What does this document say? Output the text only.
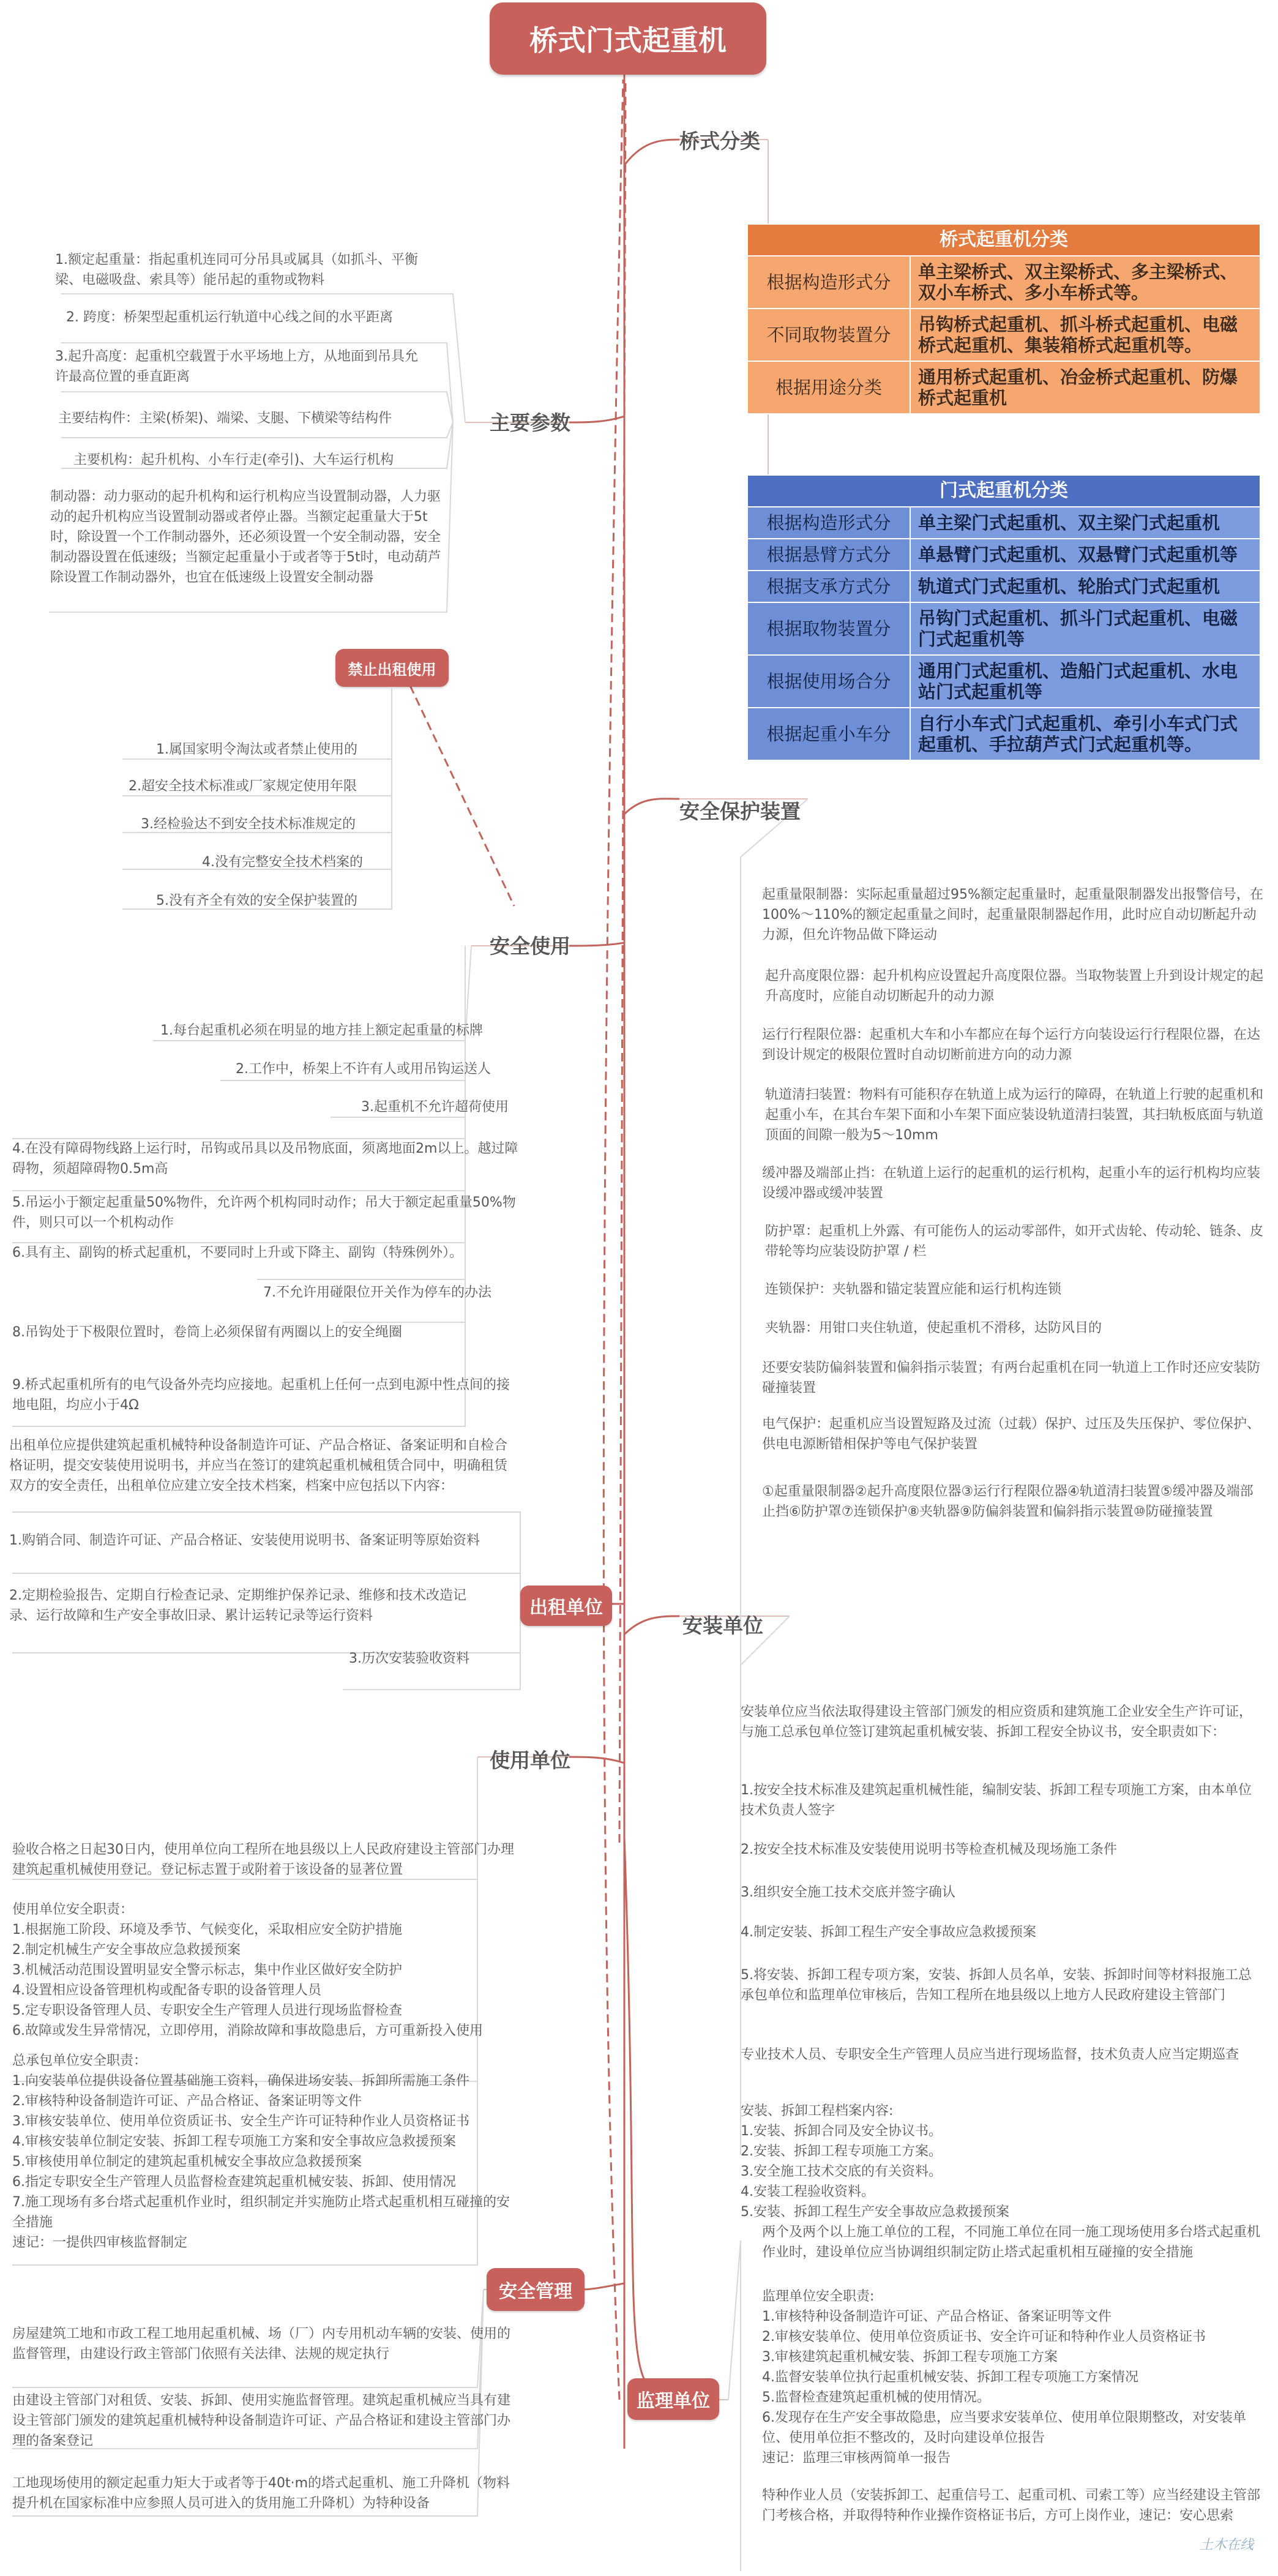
桥式门式起重机
桥式分类
主要参数
禁止出租使用
安全使用
安全保护装置
出租单位
安装单位
使用单位
安全管理
监理单位
桥式起重机分类	
根据构造形式分	单主梁桥式、双主梁桥式、多主梁桥式、双小车桥式、多小车桥式等。
不同取物装置分	吊钩桥式起重机、抓斗桥式起重机、电磁桥式起重机、集装箱桥式起重机等。
根据用途分类	通用桥式起重机、冶金桥式起重机、防爆桥式起重机
门式起重机分类	
根据构造形式分	单主梁门式起重机、双主梁门式起重机
根据悬臂方式分	单悬臂门式起重机、双悬臂门式起重机等
根据支承方式分	轨道式门式起重机、轮胎式门式起重机
根据取物装置分	吊钩门式起重机、抓斗门式起重机、电磁门式起重机等
根据使用场合分	通用门式起重机、造船门式起重机、水电站门式起重机等
根据起重小车分	自行小车式门式起重机、牵引小车式门式起重机、手拉葫芦式门式起重机等。
1.额定起重量：指起重机连同可分吊具或属具（如抓斗、平衡梁、电磁吸盘、索具等）能吊起的重物或物料
2. 跨度：桥架型起重机运行轨道中心线之间的水平距离
3.起升高度：起重机空载置于水平场地上方，从地面到吊具允许最高位置的垂直距离
主要结构件：主梁(桥架)、端梁、支腿、下横梁等结构件
主要机构：起升机构、小车行走(牵引)、大车运行机构
制动器：动力驱动的起升机构和运行机构应当设置制动器，人力驱动的起升机构应当设置制动器或者停止器。当额定起重量大于5t时，除设置一个工作制动器外，还必须设置一个安全制动器，安全制动器设置在低速级；当额定起重量小于或者等于5t时，电动葫芦除设置工作制动器外，也宜在低速级上设置安全制动器
1.属国家明令淘汰或者禁止使用的
2.超安全技术标准或厂家规定使用年限
3.经检验达不到安全技术标准规定的
4.没有完整安全技术档案的
5.没有齐全有效的安全保护装置的
1.每台起重机必须在明显的地方挂上额定起重量的标牌
2.工作中，桥架上不许有人或用吊钩运送人
3.起重机不允许超荷使用
4.在没有障碍物线路上运行时，吊钩或吊具以及吊物底面，须离地面2m以上。越过障碍物，须超障碍物0.5m高
5.吊运小于额定起重量50%物件，允许两个机构同时动作；吊大于额定起重量50%物件，则只可以一个机构动作
6.具有主、副钩的桥式起重机，不要同时上升或下降主、副钩（特殊例外）。
7.不允许用碰限位开关作为停车的办法
8.吊钩处于下极限位置时，卷筒上必须保留有两圈以上的安全绳圈
9.桥式起重机所有的电气设备外壳均应接地。起重机上任何一点到电源中性点间的接地电阻，均应小于4Ω
起重量限制器：实际起重量超过95%额定起重量时，起重量限制器发出报警信号，在100%～110%的额定起重量之间时，起重量限制器起作用，此时应自动切断起升动力源，但允许物品做下降运动
起升高度限位器：起升机构应设置起升高度限位器。当取物装置上升到设计规定的起升高度时，应能自动切断起升的动力源
运行行程限位器：起重机大车和小车都应在每个运行方向装设运行行程限位器，在达到设计规定的极限位置时自动切断前进方向的动力源
轨道清扫装置：物料有可能积存在轨道上成为运行的障碍，在轨道上行驶的起重机和起重小车，在其台车架下面和小车架下面应装设轨道清扫装置，其扫轨板底面与轨道顶面的间隙一般为5～10mm
缓冲器及端部止挡：在轨道上运行的起重机的运行机构，起重小车的运行机构均应装设缓冲器或缓冲装置
防护罩：起重机上外露、有可能伤人的运动零部件，如开式齿轮、传动轮、链条、皮带轮等均应装设防护罩 / 栏
连锁保护：夹轨器和锚定装置应能和运行机构连锁
夹轨器：用钳口夹住轨道，使起重机不滑移，达防风目的
还要安装防偏斜装置和偏斜指示装置；有两台起重机在同一轨道上工作时还应安装防碰撞装置
电气保护：起重机应当设置短路及过流（过载）保护、过压及失压保护、零位保护、供电电源断错相保护等电气保护装置
①起重量限制器②起升高度限位器③运行行程限位器④轨道清扫装置⑤缓冲器及端部止挡⑥防护罩⑦连锁保护⑧夹轨器⑨防偏斜装置和偏斜指示装置⑩防碰撞装置
出租单位应提供建筑起重机械特种设备制造许可证、产品合格证、备案证明和自检合格证明，提交安装使用说明书，并应当在签订的建筑起重机械租赁合同中，明确租赁双方的安全责任，出租单位应建立安全技术档案，档案中应包括以下内容：
1.购销合同、制造许可证、产品合格证、安装使用说明书、备案证明等原始资料
2.定期检验报告、定期自行检查记录、定期维护保养记录、维修和技术改造记录、运行故障和生产安全事故旧录、累计运转记录等运行资料
3.历次安装验收资料
安装单位应当依法取得建设主管部门颁发的相应资质和建筑施工企业安全生产许可证，与施工总承包单位签订建筑起重机械安装、拆卸工程安全协议书，安全职责如下：
1.按安全技术标准及建筑起重机械性能，编制安装、拆卸工程专项施工方案，由本单位技术负责人签字
2.按安全技术标准及安装使用说明书等检查机械及现场施工条件
3.组织安全施工技术交底并签字确认
4.制定安装、拆卸工程生产安全事故应急救援预案
5.将安装、拆卸工程专项方案，安装、拆卸人员名单，安装、拆卸时间等材料报施工总承包单位和监理单位审核后，告知工程所在地县级以上地方人民政府建设主管部门
专业技术人员、专职安全生产管理人员应当进行现场监督，技术负责人应当定期巡查
安装、拆卸工程档案内容:
1.安装、拆卸合同及安全协议书。
2.安装、拆卸工程专项施工方案。
3.安全施工技术交底的有关资料。
4.安装工程验收资料。
5.安装、拆卸工程生产安全事故应急救援预案
验收合格之日起30日内，使用单位向工程所在地县级以上人民政府建设主管部门办理建筑起重机械使用登记。登记标志置于或附着于该设备的显著位置
使用单位安全职责：
1.根据施工阶段、环境及季节、气候变化，采取相应安全防护措施
2.制定机械生产安全事故应急救援预案
3.机械活动范围设置明显安全警示标志，集中作业区做好安全防护
4.设置相应设备管理机构或配备专职的设备管理人员
5.定专职设备管理人员、专职安全生产管理人员进行现场监督检查
6.故障或发生异常情况，立即停用，消除故障和事故隐患后，方可重新投入使用
总承包单位安全职责：
1.向安装单位提供设备位置基础施工资料，确保进场安装、拆卸所需施工条件
2.审核特种设备制造许可证、产品合格证、备案证明等文件
3.审核安装单位、使用单位资质证书、安全生产许可证特种作业人员资格证书
4.审核安装单位制定安装、拆卸工程专项施工方案和安全事故应急救援预案
5.审核使用单位制定的建筑起重机械安全事故应急救援预案
6.指定专职安全生产管理人员监督检查建筑起重机械安装、拆卸、使用情况
7.施工现场有多台塔式起重机作业时，组织制定并实施防止塔式起重机相互碰撞的安全措施
速记：一提供四审核监督制定
房屋建筑工地和市政工程工地用起重机械、场（厂）内专用机动车辆的安装、使用的监督管理，由建设行政主管部门依照有关法律、法规的规定执行
由建设主管部门对租赁、安装、拆卸、使用实施监督管理。建筑起重机械应当具有建设主管部门颁发的建筑起重机械特种设备制造许可证、产品合格证和建设主管部门办理的备案登记
工地现场使用的额定起重力矩大于或者等于40t·m的塔式起重机、施工升降机（物料提升机在国家标准中应参照人员可进入的货用施工升降机）为特种设备
两个及两个以上施工单位的工程，不同施工单位在同一施工现场使用多台塔式起重机作业时，建设单位应当协调组织制定防止塔式起重机相互碰撞的安全措施
监理单位安全职责:
1.审核特种设备制造许可证、产品合格证、备案证明等文件
2.审核安装单位、使用单位资质证书、安全许可证和特种作业人员资格证书
3.审核建筑起重机械安装、拆卸工程专项施工方案
4.监督安装单位执行起重机械安装、拆卸工程专项施工方案情况
5.监督检查建筑起重机械的使用情况。
6.发现存在生产安全事故隐患，应当要求安装单位、使用单位限期整改，对安装单位、使用单位拒不整改的，及时向建设单位报告
速记：监理三审核两简单一报告
特种作业人员（安装拆卸工、起重信号工、起重司机、司索工等）应当经建设主管部门考核合格，并取得特种作业操作资格证书后，方可上岗作业，速记：安心思索
土木在线
